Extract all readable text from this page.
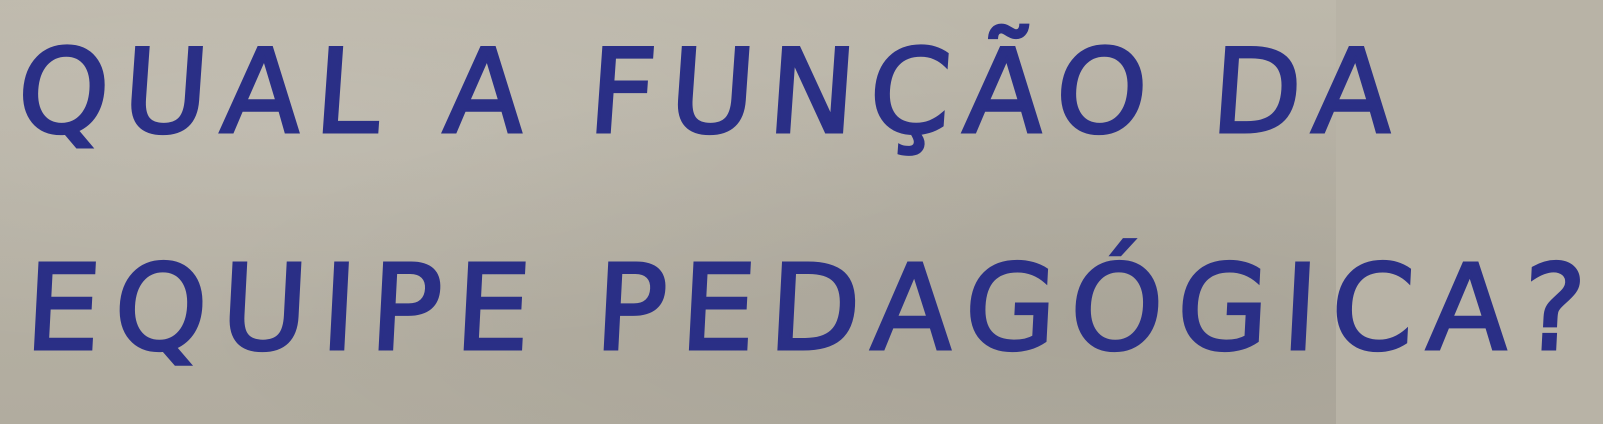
QUAL A FUNÇÃO DA
EQUIPE PEDAGÓGICA?
